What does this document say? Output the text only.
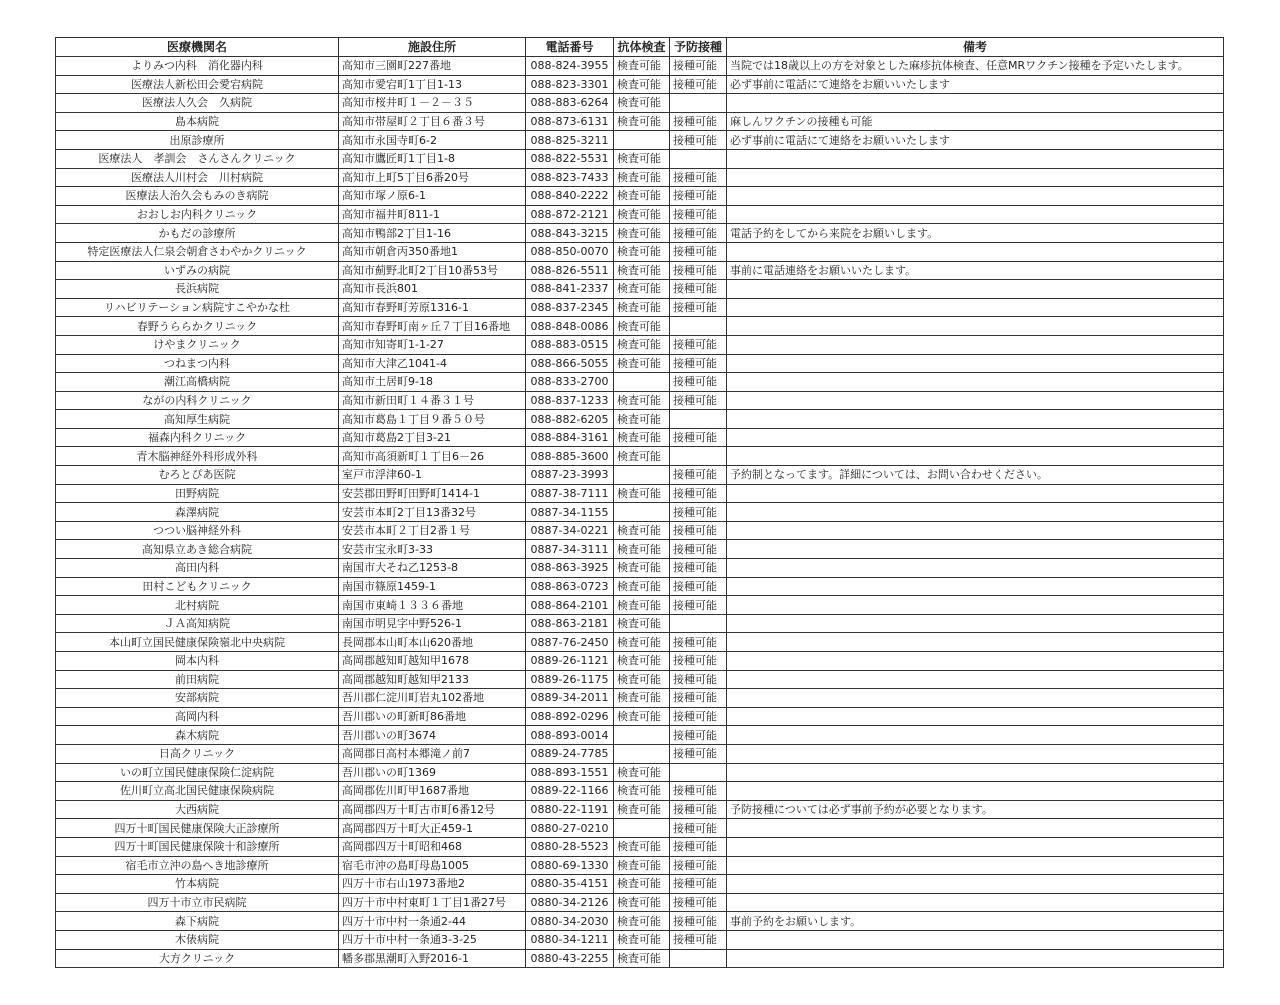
医療機関名	施設住所	電話番号	抗体検査	予防接種	備考
よりみつ内科　消化器内科	高知市三園町227番地	088-824-3955	検査可能	接種可能	当院では18歳以上の方を対象とした麻疹抗体検査、任意MRワクチン接種を予定いたします。
医療法人新松田会愛宕病院	高知市愛宕町1丁目1-13	088-823-3301	検査可能	接種可能	必ず事前に電話にて連絡をお願いいたします
医療法人久会　久病院	高知市桜井町１－２－３５	088-883-6264	検査可能		
島本病院	高知市帯屋町２丁目６番３号	088-873-6131	検査可能	接種可能	麻しんワクチンの接種も可能
出原診療所	高知市永国寺町6-2	088-825-3211		接種可能	必ず事前に電話にて連絡をお願いいたします
医療法人　孝訓会　さんさんクリニック	高知市鷹匠町1丁目1-8	088-822-5531	検査可能		
医療法人川村会　川村病院	高知市上町5丁目6番20号	088-823-7433	検査可能	接種可能	
医療法人治久会もみのき病院	高知市塚ノ原6-1	088-840-2222	検査可能	接種可能	
おおしお内科クリニック	高知市福井町811-1	088-872-2121	検査可能	接種可能	
かもだの診療所	高知市鴨部2丁目1-16	088-843-3215	検査可能	接種可能	電話予約をしてから来院をお願いします。
特定医療法人仁泉会朝倉さわやかクリニック	高知市朝倉丙350番地1	088-850-0070	検査可能	接種可能	
いずみの病院	高知市薊野北町2丁目10番53号	088-826-5511	検査可能	接種可能	事前に電話連絡をお願いいたします。
長浜病院	高知市長浜801	088-841-2337	検査可能	接種可能	
リハビリテーション病院すこやかな杜	高知市春野町芳原1316-1	088-837-2345	検査可能	接種可能	
春野うららかクリニック	高知市春野町南ヶ丘７丁目16番地	088-848-0086	検査可能		
けやまクリニック	高知市知寄町1-1-27	088-883-0515	検査可能	接種可能	
つねまつ内科	高知市大津乙1041-4	088-866-5055	検査可能	接種可能	
潮江高橋病院	高知市土居町9-18	088-833-2700		接種可能	
ながの内科クリニック	高知市新田町１４番３１号	088-837-1233	検査可能	接種可能	
高知厚生病院	高知市葛島１丁目９番５０号	088-882-6205	検査可能		
福森内科クリニック	高知市葛島2丁目3-21	088-884-3161	検査可能	接種可能	
青木脳神経外科形成外科	高知市高須新町１丁目6－26	088-885-3600	検査可能		
むろとぴあ医院	室戸市浮津60-1	0887-23-3993		接種可能	予約制となってます。詳細については、お問い合わせください。
田野病院	安芸郡田野町田野町1414-1	0887-38-7111	検査可能	接種可能	
森澤病院	安芸市本町2丁目13番32号	0887-34-1155		接種可能	
つつい脳神経外科	安芸市本町２丁目2番１号	0887-34-0221	検査可能	接種可能	
高知県立あき総合病院	安芸市宝永町3-33	0887-34-3111	検査可能	接種可能	
高田内科	南国市大そね乙1253-8	088-863-3925	検査可能	接種可能	
田村こどもクリニック	南国市篠原1459-1	088-863-0723	検査可能	接種可能	
北村病院	南国市東崎１３３６番地	088-864-2101	検査可能	接種可能	
ＪＡ高知病院	南国市明見字中野526-1	088-863-2181	検査可能		
本山町立国民健康保険嶺北中央病院	長岡郡本山町本山620番地	0887-76-2450	検査可能	接種可能	
岡本内科	高岡郡越知町越知甲1678	0889-26-1121	検査可能	接種可能	
前田病院	高岡郡越知町越知甲2133	0889-26-1175	検査可能	接種可能	
安部病院	吾川郡仁淀川町岩丸102番地	0889-34-2011	検査可能	接種可能	
高岡内科	吾川郡いの町新町86番地	088-892-0296	検査可能	接種可能	
森木病院	吾川郡いの町3674	088-893-0014		接種可能	
日高クリニック	高岡郡日高村本郷滝ノ前7	0889-24-7785		接種可能	
いの町立国民健康保険仁淀病院	吾川郡いの町1369	088-893-1551	検査可能		
佐川町立高北国民健康保険病院	高岡郡佐川町甲1687番地	0889-22-1166	検査可能	接種可能	
大西病院	高岡郡四万十町古市町6番12号	0880-22-1191	検査可能	接種可能	予防接種については必ず事前予約が必要となります。
四万十町国民健康保険大正診療所	高岡郡四万十町大正459-1	0880-27-0210		接種可能	
四万十町国民健康保険十和診療所	高岡郡四万十町昭和468	0880-28-5523	検査可能	接種可能	
宿毛市立沖の島へき地診療所	宿毛市沖の島町母島1005	0880-69-1330	検査可能	接種可能	
竹本病院	四万十市右山1973番地2	0880-35-4151	検査可能	接種可能	
四万十市立市民病院	四万十市中村東町１丁目1番27号	0880-34-2126	検査可能	接種可能	
森下病院	四万十市中村一条通2-44	0880-34-2030	検査可能	接種可能	事前予約をお願いします。
木俵病院	四万十市中村一条通3-3-25	0880-34-1211	検査可能	接種可能	
大方クリニック	幡多郡黒潮町入野2016-1	0880-43-2255	検査可能		
